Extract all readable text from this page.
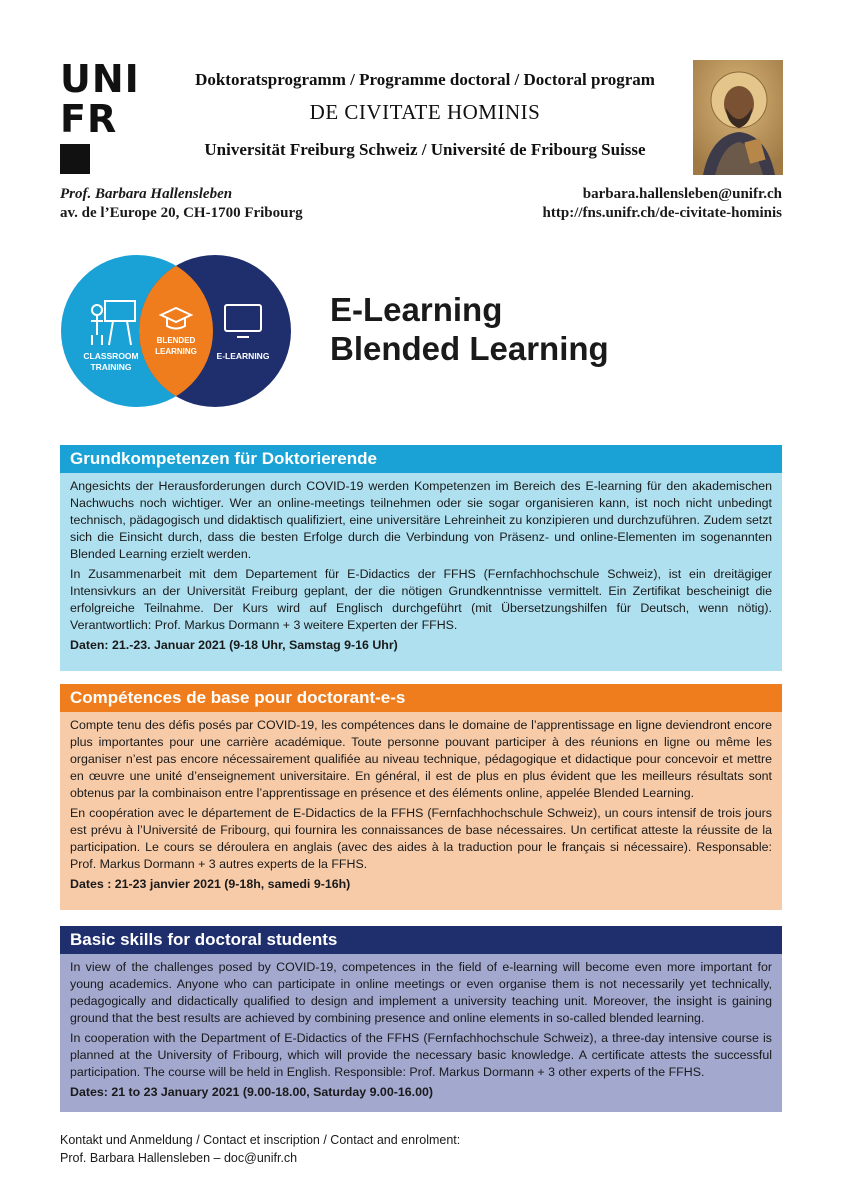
UNI
FR
Doktoratsprogramm / Programme doctoral / Doctoral program
DE CIVITATE HOMINIS
Universität Freiburg Schweiz / Université de Fribourg Suisse
Prof. Barbara Hallensleben
av. de l’Europe 20, CH-1700 Fribourg
barbara.hallensleben@unifr.ch
http://fns.unifr.ch/de-civitate-hominis
CLASSROOM
TRAINING
BLENDED
LEARNING E-LEARNING
E-Learning
Blended Learning
Grundkompetenzen für Doktorierende

Angesichts der Herausforderungen durch COVID-19 werden Kompetenzen im Bereich des E-learning für den akademischen Nachwuchs noch wichtiger. Wer an online-meetings teilnehmen oder sie sogar organisieren kann, ist noch nicht unbedingt technisch, pädagogisch und didaktisch qualifiziert, eine universitäre Lehreinheit zu konzipieren und durchzuführen. Zudem setzt sich die Einsicht durch, dass die besten Erfolge durch die Verbindung von Präsenz- und online-Elementen im sogenannten Blended Learning erzielt werden.

In Zusammenarbeit mit dem Departement für E-Didactics der FFHS (Fernfachhochschule Schweiz), ist ein dreitägiger Intensivkurs an der Universität Freiburg geplant, der die nötigen Grundkenntnisse vermittelt. Ein Zertifikat bescheinigt die erfolgreiche Teilnahme. Der Kurs wird auf Englisch durchgeführt (mit Übersetzungshilfen für Deutsch, wenn nötig). Verantwortlich: Prof. Markus Dormann + 3 weitere Experten der FFHS.

Daten: 21.-23. Januar 2021 (9-18 Uhr, Samstag 9-16 Uhr)
Compétences de base pour doctorant-e-s

Compte tenu des défis posés par COVID-19, les compétences dans le domaine de l’apprentissage en ligne deviendront encore plus importantes pour une carrière académique. Toute personne pouvant participer à des réunions en ligne ou même les organiser n’est pas encore nécessairement qualifiée au niveau technique, pédagogique et didactique pour concevoir et mettre en œuvre une unité d’enseignement universitaire. En général, il est de plus en plus évident que les meilleurs résultats sont obtenus par la combinaison entre l’apprentissage en présence et des éléments online, appelée Blended Learning.

En coopération avec le département de E-Didactics de la FFHS (Fernfachhochschule Schweiz), un cours intensif de trois jours est prévu à l’Université de Fribourg, qui fournira les connaissances de base nécessaires. Un certificat atteste la réussite de la participation. Le cours se déroulera en anglais (avec des aides à la traduction pour le français si nécessaire). Responsable: Prof. Markus Dormann + 3 autres experts de la FFHS.

Dates : 21-23 janvier 2021 (9-18h, samedi 9-16h)
Basic skills for doctoral students

In view of the challenges posed by COVID-19, competences in the field of e-learning will become even more important for young academics. Anyone who can participate in online meetings or even organise them is not necessarily yet technically, pedagogically and didactically qualified to design and implement a university teaching unit. Moreover, the insight is gaining ground that the best results are achieved by combining presence and online elements in so-called blended learning.

In cooperation with the Department of E-Didactics of the FFHS (Fernfachhochschule Schweiz), a three-day intensive course is planned at the University of Fribourg, which will provide the necessary basic knowledge. A certificate attests the successful participation. The course will be held in English. Responsible: Prof. Markus Dormann + 3 other experts of the FFHS.

Dates: 21 to 23 January 2021 (9.00-18.00, Saturday 9.00-16.00)
Kontakt und Anmeldung / Contact et inscription / Contact and enrolment:
Prof. Barbara Hallensleben – doc@unifr.ch
